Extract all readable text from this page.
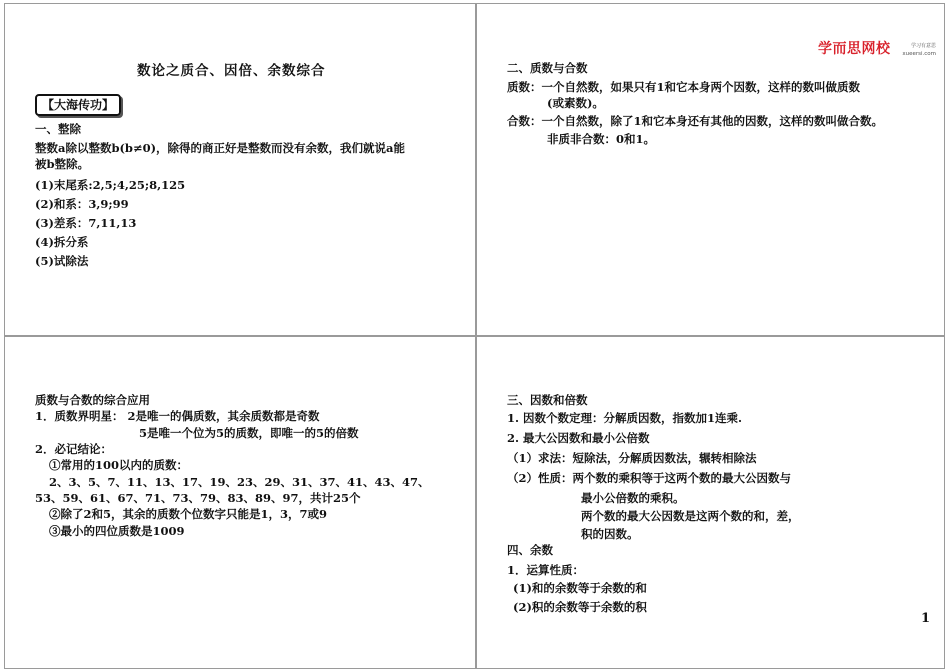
数论之质合、因倍、余数综合
【大海传功】
一、整除
整数a除以整数b(b≠0)，除得的商正好是整数而没有余数，我们就说a能
被b整除。
(1)末尾系:2,5;4,25;8,125
(2)和系：3,9;99
(3)差系：7,11,13
(4)拆分系
(5)试除法
学而思网校	学习有意思
xueersi.com
二、质数与合数
质数：一个自然数，如果只有1和它本身两个因数，这样的数叫做质数
(或素数)。
合数：一个自然数，除了1和它本身还有其他的因数，这样的数叫做合数。
非质非合数：0和1。
质数与合数的综合应用
1．质数界明星： 2是唯一的偶质数，其余质数都是奇数
5是唯一个位为5的质数，即唯一的5的倍数
2．必记结论：
①常用的100以内的质数：
2、3、5、7、11、13、17、19、23、29、31、37、41、43、47、
53、59、61、67、71、73、79、83、89、97，共计25个
②除了2和5，其余的质数个位数字只能是1，3，7或9
③最小的四位质数是1009
三、因数和倍数
1. 因数个数定理：分解质因数，指数加1连乘.
2. 最大公因数和最小公倍数
（1）求法：短除法，分解质因数法，辗转相除法
（2）性质：两个数的乘积等于这两个数的最大公因数与
最小公倍数的乘积。
两个数的最大公因数是这两个数的和，差，
积的因数。
四、余数
1．运算性质：
(1)和的余数等于余数的和
(2)积的余数等于余数的积
1
